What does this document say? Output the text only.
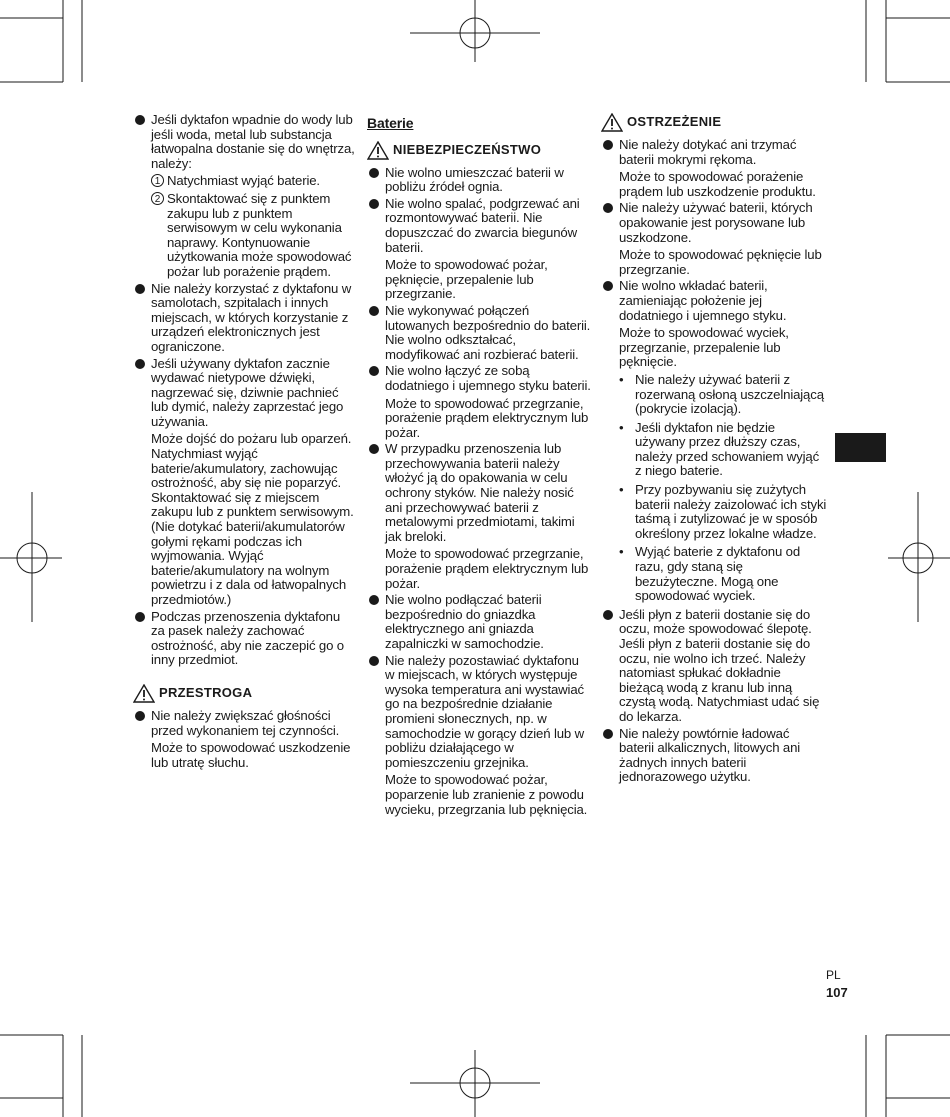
Jeśli dyktafon wpadnie do wody lub jeśli woda, metal lub substancja łatwopalna dostanie się do wnętrza, należy:

1 Natychmiast wyjąć baterie.
2 Skontaktować się z punktem zakupu lub z punktem serwisowym w celu wykonania naprawy. Kontynuowanie użytkowania może spowodować pożar lub porażenie prądem.

Nie należy korzystać z dyktafonu w samolotach, szpitalach i innych miejscach, w których korzystanie z urządzeń elektronicznych jest ograniczone.

Jeśli używany dyktafon zacznie wydawać nietypowe dźwięki, nagrzewać się, dziwnie pachnieć lub dymić, należy zaprzestać jego używania.

Może dojść do pożaru lub oparzeń. Natychmiast wyjąć baterie/akumulatory, zachowując ostrożność, aby się nie poparzyć. Skontaktować się z miejscem zakupu lub z punktem serwisowym. (Nie dotykać baterii/akumulatorów gołymi rękami podczas ich wyjmowania. Wyjąć baterie/akumulatory na wolnym powietrzu i z dala od łatwopalnych przedmiotów.)

Podczas przenoszenia dyktafonu za pasek należy zachować ostrożność, aby nie zaczepić go o inny przedmiot.

PRZESTROGA

Nie należy zwiększać głośności przed wykonaniem tej czynności.

Może to spowodować uszkodzenie lub utratę słuchu.

Baterie
NIEBEZPIECZEŃSTWO

Nie wolno umieszczać baterii w pobliżu źródeł ognia.

Nie wolno spalać, podgrzewać ani rozmontowywać baterii. Nie dopuszczać do zwarcia biegunów baterii.

Może to spowodować pożar, pęknięcie, przepalenie lub przegrzanie.

Nie wykonywać połączeń lutowanych bezpośrednio do baterii. Nie wolno odkształcać, modyfikować ani rozbierać baterii.

Nie wolno łączyć ze sobą dodatniego i ujemnego styku baterii.

Może to spowodować przegrzanie, porażenie prądem elektrycznym lub pożar.

W przypadku przenoszenia lub przechowywania baterii należy włożyć ją do opakowania w celu ochrony styków. Nie należy nosić ani przechowywać baterii z metalowymi przedmiotami, takimi jak breloki.

Może to spowodować przegrzanie, porażenie prądem elektrycznym lub pożar.

Nie wolno podłączać baterii bezpośrednio do gniazdka elektrycznego ani gniazda zapalniczki w samochodzie.

Nie należy pozostawiać dyktafonu w miejscach, w których występuje wysoka temperatura ani wystawiać go na bezpośrednie działanie promieni słonecznych, np. w samochodzie w gorący dzień lub w pobliżu działającego w pomieszczeniu grzejnika.

Może to spowodować pożar, poparzenie lub zranienie z powodu wycieku, przegrzania lub pęknięcia.

OSTRZEŻENIE

Nie należy dotykać ani trzymać baterii mokrymi rękoma.

Może to spowodować porażenie prądem lub uszkodzenie produktu.

Nie należy używać baterii, których opakowanie jest porysowane lub uszkodzone.

Może to spowodować pęknięcie lub przegrzanie.

Nie wolno wkładać baterii, zamieniając położenie jej dodatniego i ujemnego styku.

Może to spowodować wyciek, przegrzanie, przepalenie lub pęknięcie.

• Nie należy używać baterii z rozerwaną osłoną uszczelniającą (pokrycie izolacją).
• Jeśli dyktafon nie będzie używany przez dłuższy czas, należy przed schowaniem wyjąć z niego baterie.
• Przy pozbywaniu się zużytych baterii należy zaizolować ich styki taśmą i zutylizować je w sposób określony przez lokalne władze.
• Wyjąć baterie z dyktafonu od razu, gdy staną się bezużyteczne. Mogą one spowodować wyciek.

Jeśli płyn z baterii dostanie się do oczu, może spowodować ślepotę. Jeśli płyn z baterii dostanie się do oczu, nie wolno ich trzeć. Należy natomiast spłukać dokładnie bieżącą wodą z kranu lub inną czystą wodą. Natychmiast udać się do lekarza.

Nie należy powtórnie ładować baterii alkalicznych, litowych ani żadnych innych baterii jednorazowego użytku.

PL
107
